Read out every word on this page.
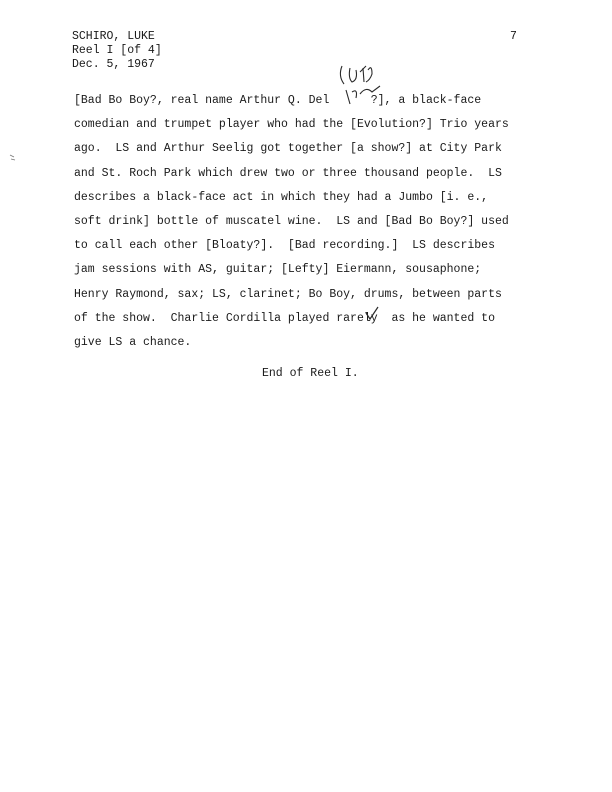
SCHIRO, LUKE
Reel I [of 4]
Dec. 5, 1967
7
[Bad Bo Boy?, real name Arthur Q. Del      ?], a black-face
comedian and trumpet player who had the [Evolution?] Trio years
ago.  LS and Arthur Seelig got together [a show?] at City Park
and St. Roch Park which drew two or three thousand people.  LS
describes a black-face act in which they had a Jumbo [i. e.,
soft drink] bottle of muscatel wine.  LS and [Bad Bo Boy?] used
to call each other [Bloaty?].  [Bad recording.]  LS describes
jam sessions with AS, guitar; [Lefty] Eiermann, sousaphone;
Henry Raymond, sax; LS, clarinet; Bo Boy, drums, between parts
of the show.  Charlie Cordilla played rarely  as he wanted to
give LS a chance.
End of Reel I.
